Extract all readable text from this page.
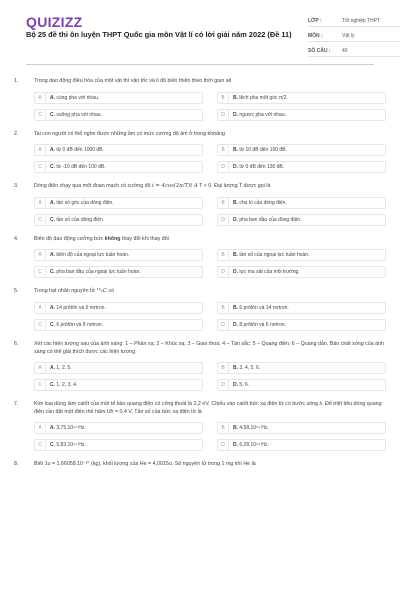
QUIZIZZ
Bộ 25 đề thi ôn luyện THPT Quốc gia môn Vật lí có lời giải năm 2022 (Đề 11)
LỚP :	Tốt nghiệp THPT
MÔN :	Vật lý
SỐ CÂU :	40
1.	Trong dao động điều hòa của một vật thì vận tốc và li độ biến thiên theo thời gian sẽ
A	A. cùng pha với nhau.	B	B. lệch pha một góc π/2.
C	C. vuông pha với nhau.	D	D. ngược pha với nhau.
2.	Tai con người có thể nghe được những âm có mức cường độ âm ở trong khoảng
A	A. từ 0 dB đến 1000 dB.	B	B. từ 10 dB đến 100 dB.
C	C. từ -10 dB đến 100 dB.	D	D. từ 0 dB đến 130 dB.
3.	Dòng điện chạy qua một đoạn mạch có cường độ i = 4cos(2π/T)t A T > 0. Đại lượng T được gọi là
A	A. tần số góc của dòng điện.	B	B. chu kì của dòng điện.
C	C. tần số của dòng điện.	D	D. pha ban đầu của dòng điện.
4.	Biên độ dao động cưỡng bức không thay đổi khi thay đổi
A	A. biên độ của ngoại lực tuần hoàn.	B	B. tần số của ngoại lực tuần hoàn.
C	C. pha ban đầu của ngoại lực tuần hoàn.	D	D. lực ma sát của môi trường.
5.	Trong hạt nhân nguyên tử ¹⁴₆C có
A	A. 14 prôtôn và 6 nơtron.	B	B. 6 prôtôn và 14 nơtron.
C	C. 6 prôtôn và 8 nơtron.	D	D. 8 prôtôn và 6 nơtron.
6.	Xét các hiện tượng sau của ánh sáng: 1 – Phản xạ; 2 – Khúc xạ; 3 – Giao thoa; 4 – Tán sắc; 5 – Quang điện; 6 – Quang dẫn. Bản chất sóng của ánh sáng có thể giải thích được các hiện tượng
A	A. 1, 2, 5.	B	B. 3, 4, 5, 6.
C	C. 1, 2, 3, 4.	D	D. 5, 6.
7.	Kim loại dùng làm catốt của một tế bào quang điện có công thoát là 2,2 eV. Chiếu vào catốt bức xạ điện từ có bước sóng λ. Để triệt tiêu dòng quang điện cần đặt một điện thế hãm Uh = 0,4 V. Tần số của bức xạ điện từ là
A	A. 3,75.10¹⁴ Hz.	B	B. 4,58.10¹⁴ Hz.
C	C. 5,83.10¹⁴ Hz.	D	D. 6,28.10¹⁴ Hz.
8.	Biết 1u = 1,66058.10⁻²⁷ (kg), khối lượng của He = 4,0015u. Số nguyên tử trong 1 mg khí He là
